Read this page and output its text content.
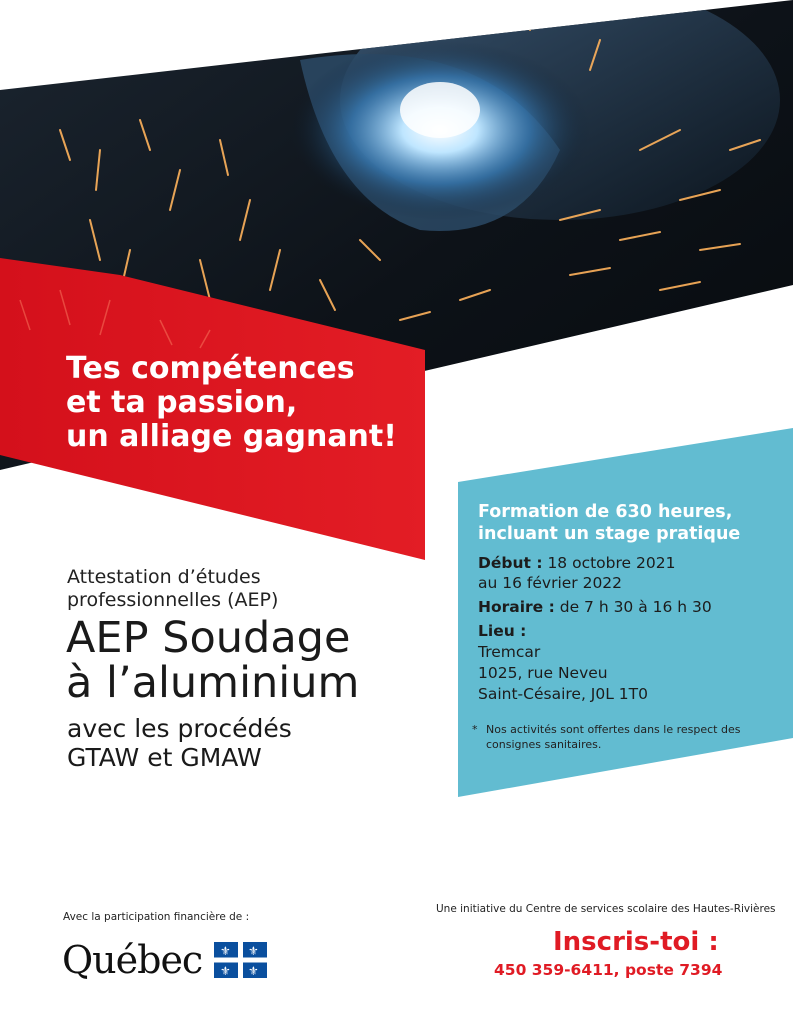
Tes compétences
et ta passion,
un alliage gagnant!

Attestation d’études
professionnelles (AEP)

AEP Soudage
à l’aluminium

avec les procédés
GTAW et GMAW

Formation de 630 heures,
incluant un stage pratique

Début : 18 octobre 2021
au 16 février 2022

Horaire : de 7 h 30 à 16 h 30

Lieu :
Tremcar
1025, rue Neveu
Saint-Césaire, J0L 1T0

* Nos activités sont offertes dans le respect des consignes sanitaires.
Avec la participation financière de :
Québec ⚜ ⚜
⚜ ⚜
Une initiative du Centre de services scolaire des Hautes-Rivières
Inscris-toi :
450 359-6411, poste 7394
